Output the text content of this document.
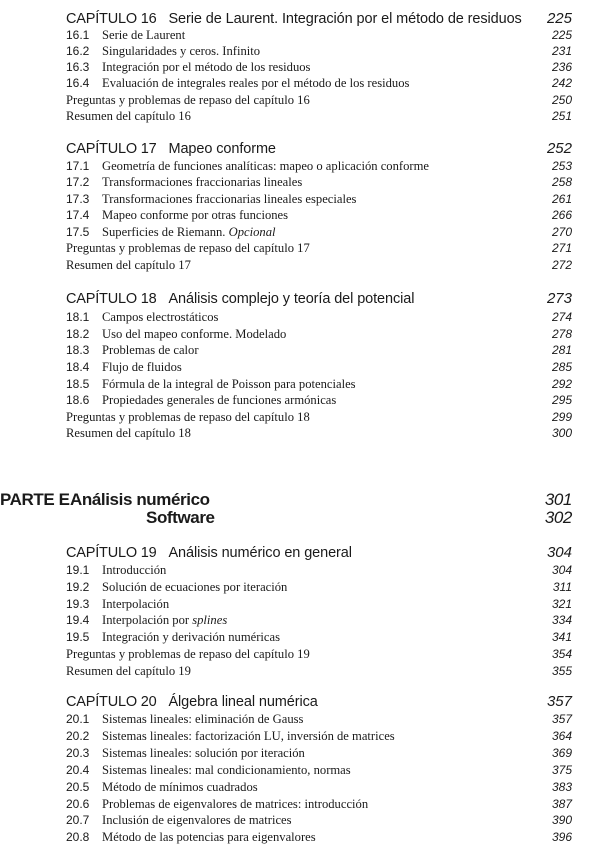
CAPÍTULO 16 Serie de Laurent. Integración por el método de residuos 225
16.1	Serie de Laurent	225
16.2	Singularidades y ceros. Infinito	231
16.3	Integración por el método de los residuos	236
16.4	Evaluación de integrales reales por el método de los residuos	242
Preguntas y problemas de repaso del capítulo 16	250
Resumen del capítulo 16	251
CAPÍTULO 17 Mapeo conforme	252
17.1	Geometría de funciones analíticas: mapeo o aplicación conforme	253
17.2	Transformaciones fraccionarias lineales	258
17.3	Transformaciones fraccionarias lineales especiales	261
17.4	Mapeo conforme por otras funciones	266
17.5	Superficies de Riemann. Opcional	270
Preguntas y problemas de repaso del capítulo 17	271
Resumen del capítulo 17	272
CAPÍTULO 18 Análisis complejo y teoría del potencial	273
18.1	Campos electrostáticos	274
18.2	Uso del mapeo conforme. Modelado	278
18.3	Problemas de calor	281
18.4	Flujo de fluidos	285
18.5	Fórmula de la integral de Poisson para potenciales	292
18.6	Propiedades generales de funciones armónicas	295
Preguntas y problemas de repaso del capítulo 18	299
Resumen del capítulo 18	300
PARTE E Análisis numérico	301
Software	302
CAPÍTULO 19 Análisis numérico en general	304
19.1	Introducción	304
19.2	Solución de ecuaciones por iteración	311
19.3	Interpolación	321
19.4	Interpolación por splines	334
19.5	Integración y derivación numéricas	341
Preguntas y problemas de repaso del capítulo 19	354
Resumen del capítulo 19	355
CAPÍTULO 20 Álgebra lineal numérica	357
20.1	Sistemas lineales: eliminación de Gauss	357
20.2	Sistemas lineales: factorización LU, inversión de matrices	364
20.3	Sistemas lineales: solución por iteración	369
20.4	Sistemas lineales: mal condicionamiento, normas	375
20.5	Método de mínimos cuadrados	383
20.6	Problemas de eigenvalores de matrices: introducción	387
20.7	Inclusión de eigenvalores de matrices	390
20.8	Método de las potencias para eigenvalores	396
